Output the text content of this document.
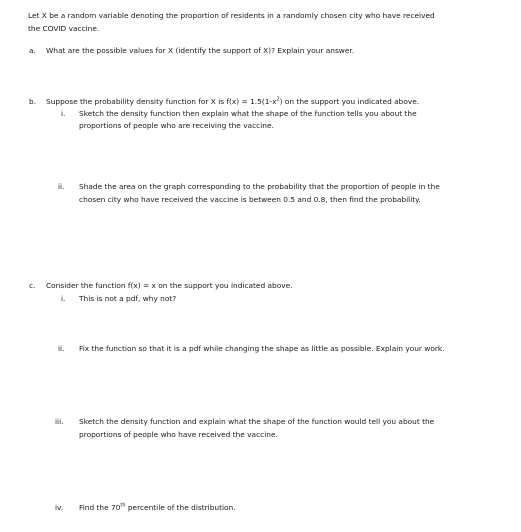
Let X be a random variable denoting the proportion of residents in a randomly chosen city who have received
the COVID vaccine.
a. What are the possible values for X (identify the support of X)? Explain your answer.
b. Suppose the probability density function for X is $f(x) = 1.5(1-x^2)$ on the support you indicated above.
i. Sketch the density function then explain what the shape of the function tells you about the
proportions of people who are receiving the vaccine.
ii. Shade the area on the graph corresponding to the probability that the proportion of people in the
chosen city who have received the vaccine is between 0.5 and 0.8, then find the probability.
c. Consider the function f(x) = x on the support you indicated above.
i. This is not a pdf, why not?
ii. Fix the function so that it is a pdf while changing the shape as little as possible. Explain your work.
iii. Sketch the density function and explain what the shape of the function would tell you about the
proportions of people who have received the vaccine.
iv. Find the 70th percentile of the distribution.
